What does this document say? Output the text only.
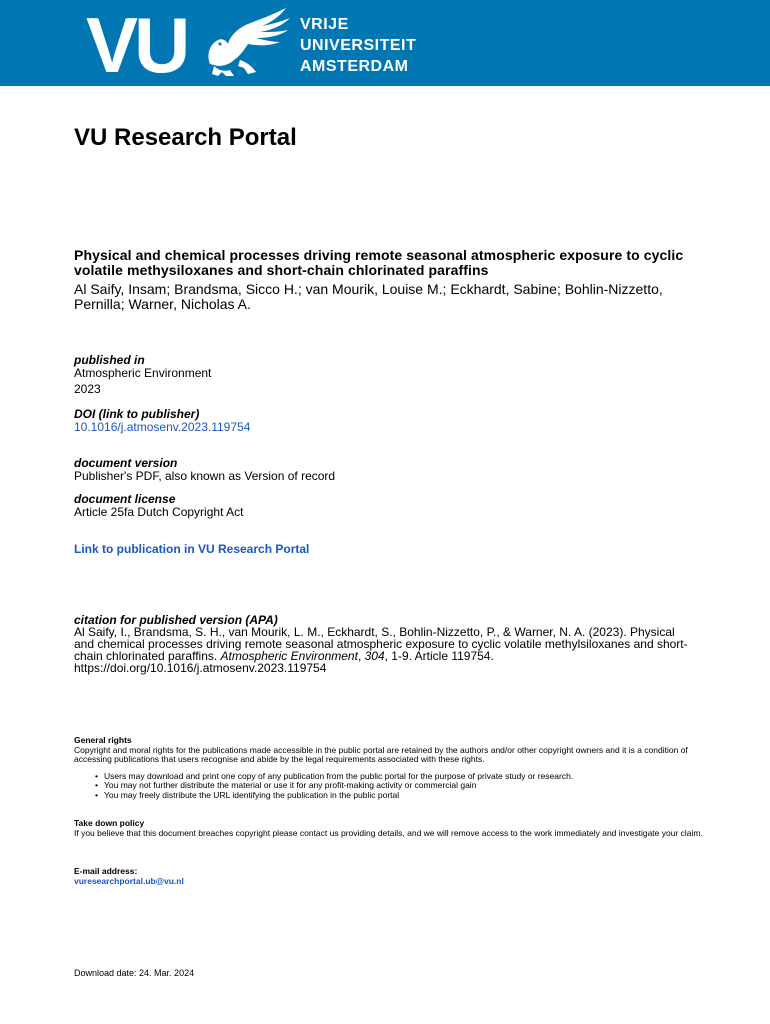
VU	VRIJE
UNIVERSITEIT
AMSTERDAM
VU Research Portal

Physical and chemical processes driving remote seasonal atmospheric exposure to cyclic volatile methysiloxanes and short-chain chlorinated paraffins

Al Saify, Insam; Brandsma, Sicco H.; van Mourik, Louise M.; Eckhardt, Sabine; Bohlin-Nizzetto, Pernilla; Warner, Nicholas A.

published in
Atmospheric Environment
2023
DOI (link to publisher)
10.1016/j.atmosenv.2023.119754
document version
Publisher's PDF, also known as Version of record
document license
Article 25fa Dutch Copyright Act
Link to publication in VU Research Portal
citation for published version (APA)
Al Saify, I., Brandsma, S. H., van Mourik, L. M., Eckhardt, S., Bohlin-Nizzetto, P., & Warner, N. A. (2023). Physical and chemical processes driving remote seasonal atmospheric exposure to cyclic volatile methylsiloxanes and short-chain chlorinated paraffins. Atmospheric Environment, 304, 1-9. Article 119754.
https://doi.org/10.1016/j.atmosenv.2023.119754
General rights
Copyright and moral rights for the publications made accessible in the public portal are retained by the authors and/or other copyright owners and it is a condition of accessing publications that users recognise and abide by the legal requirements associated with these rights.
• Users may download and print one copy of any publication from the public portal for the purpose of private study or research.
• You may not further distribute the material or use it for any profit-making activity or commercial gain
• You may freely distribute the URL identifying the publication in the public portal
Take down policy
If you believe that this document breaches copyright please contact us providing details, and we will remove access to the work immediately and investigate your claim.
E-mail address:
vuresearchportal.ub@vu.nl
Download date: 24. Mar. 2024
